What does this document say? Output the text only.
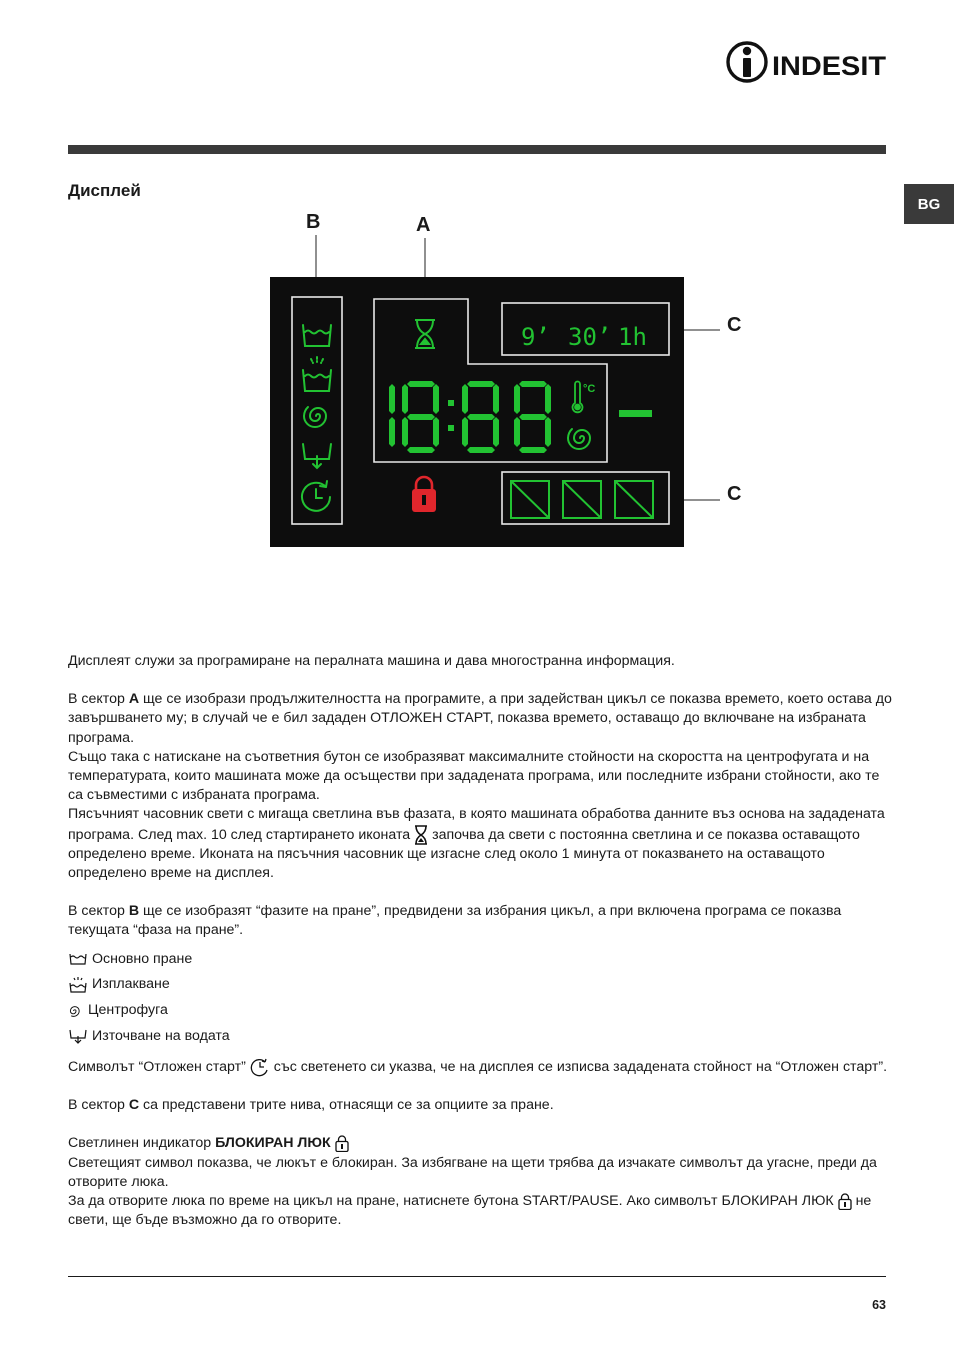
INDESIT
BG
Дисплей
B	A
C
C
18:88
°C
9’ 30’ 1h

Дисплеят служи за програмиране на пералната машина и дава многостранна информация.

В сектор A ще се изобрази продължителността на програмите, а при задействан цикъл се показва времето, което остава до завършването му; в случай че е бил зададен ОТЛОЖЕН СТАРТ, показва времето, оставащо до включване на избраната програма.

Също така с натискане на съответния бутон се изобразяват максималните стойности на скоростта на центрофугата и на температурата, които машината може да осъществи при зададената програма, или последните избрани стойности, ако те са съвместими с избраната програма.

Пясъчният часовник свети с мигаща светлина във фазата, в която машината обработва данните въз основа на зададената програма. След max. 10 след стартирането иконата  започва да свети с постоянна светлина и се показва оставащото определено време. Иконата на пясъчния часовник ще изгасне след около 1 минута от показването на оставащото определено време на дисплея.

В сектор B ще се изобразят “фазите на пране”, предвидени за избрания цикъл, а при включена програма се показва текущата “фаза на пране”.

Основно пране
Изплакване
Центрофуга
Източване на водата

Символът “Отложен старт”  със светенето си указва, че на дисплея се изписва зададената стойност на “Отложен старт”.

В сектор C са представени трите нива, отнасящи се за опциите за пране.

Светлинен индикатор БЛОКИРАН ЛЮК

Светещият символ показва, че люкът е блокиран. За избягване на щети трябва да изчакате символът да угасне, преди да отворите люка.

За да отворите люка по време на цикъл на пране, натиснете бутона START/PAUSE. Ако символът БЛОКИРАН ЛЮК  не свети, ще бъде възможно да го отворите.

63
